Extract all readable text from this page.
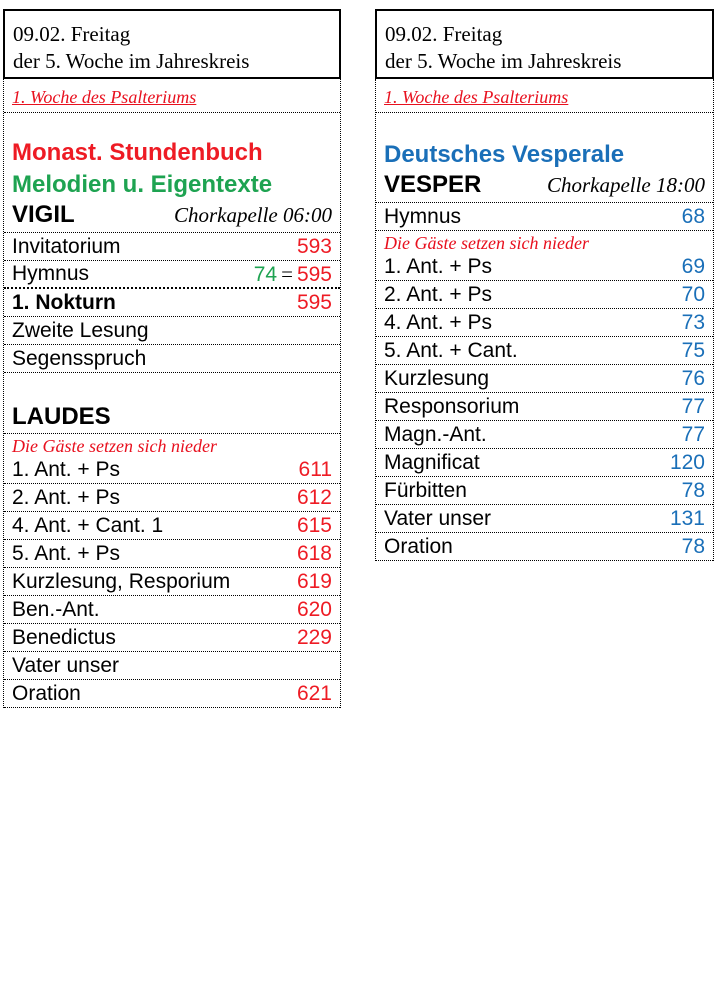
09.02. Freitag
der 5. Woche im Jahreskreis
1. Woche des Psalteriums
Monast. Stundenbuch
Melodien u. Eigentexte
VIGIL	Chorkapelle 06:00
Invitatorium	593
Hymnus	74 = 595
1. Nokturn	595
Zweite Lesung
Segensspruch
LAUDES
Die Gäste setzen sich nieder
1. Ant. + Ps	611
2. Ant. + Ps	612
4. Ant. + Cant. 1	615
5. Ant. + Ps	618
Kurzlesung, Resporium	619
Ben.-Ant.	620
Benedictus	229
Vater unser
Oration	621
09.02. Freitag
der 5. Woche im Jahreskreis
1. Woche des Psalteriums
Deutsches Vesperale
VESPER	Chorkapelle 18:00
Hymnus	68
Die Gäste setzen sich nieder
1. Ant. + Ps	69
2. Ant. + Ps	70
4. Ant. + Ps	73
5. Ant. + Cant.	75
Kurzlesung	76
Responsorium	77
Magn.-Ant.	77
Magnificat	120
Fürbitten	78
Vater unser	131
Oration	78
